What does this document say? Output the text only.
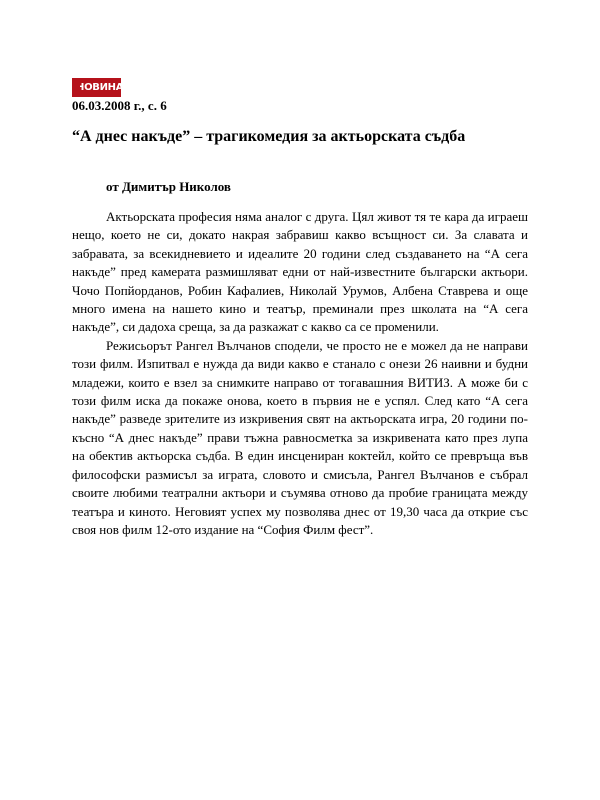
НОВИНАР
06.03.2008 г., с. 6
“А днес накъде” – трагикомедия за актьорската съдба
от Димитър Николов

Актьорската професия няма аналог с друга. Цял живот тя те кара да играеш нещо, което не си, докато накрая забравиш какво всъщност си. За славата и забравата, за всекидневието и идеалите 20 години след създаването на “А сега накъде” пред камерата размишляват едни от най-известните български актьори. Чочо Попйорданов, Робин Кафалиев, Николай Урумов, Албена Ставрева и още много имена на нашето кино и театър, преминали през школата на “А сега накъде”, си дадоха среща, за да разкажат с какво са се променили.

Режисьорът Рангел Вълчанов сподели, че просто не е можел да не направи този филм. Изпитвал е нужда да види какво е станало с онези 26 наивни и будни младежи, които е взел за снимките направо от тогавашния ВИТИЗ. А може би с този филм иска да покаже онова, което в първия не е успял. След като “А сега накъде” разведе зрителите из изкривения свят на актьорската игра, 20 години по-късно “А днес накъде” прави тъжна равносметка за изкривената като през лупа на обектив актьорска съдба. В един инсцениран коктейл, който се превръща във философски размисъл за играта, словото и смисъла, Рангел Вълчанов е събрал своите любими театрални актьори и съумява отново да пробие границата между театъра и киното. Неговият успех му позволява днес от 19,30 часа да открие със своя нов филм 12-ото издание на “София Филм фест”.
